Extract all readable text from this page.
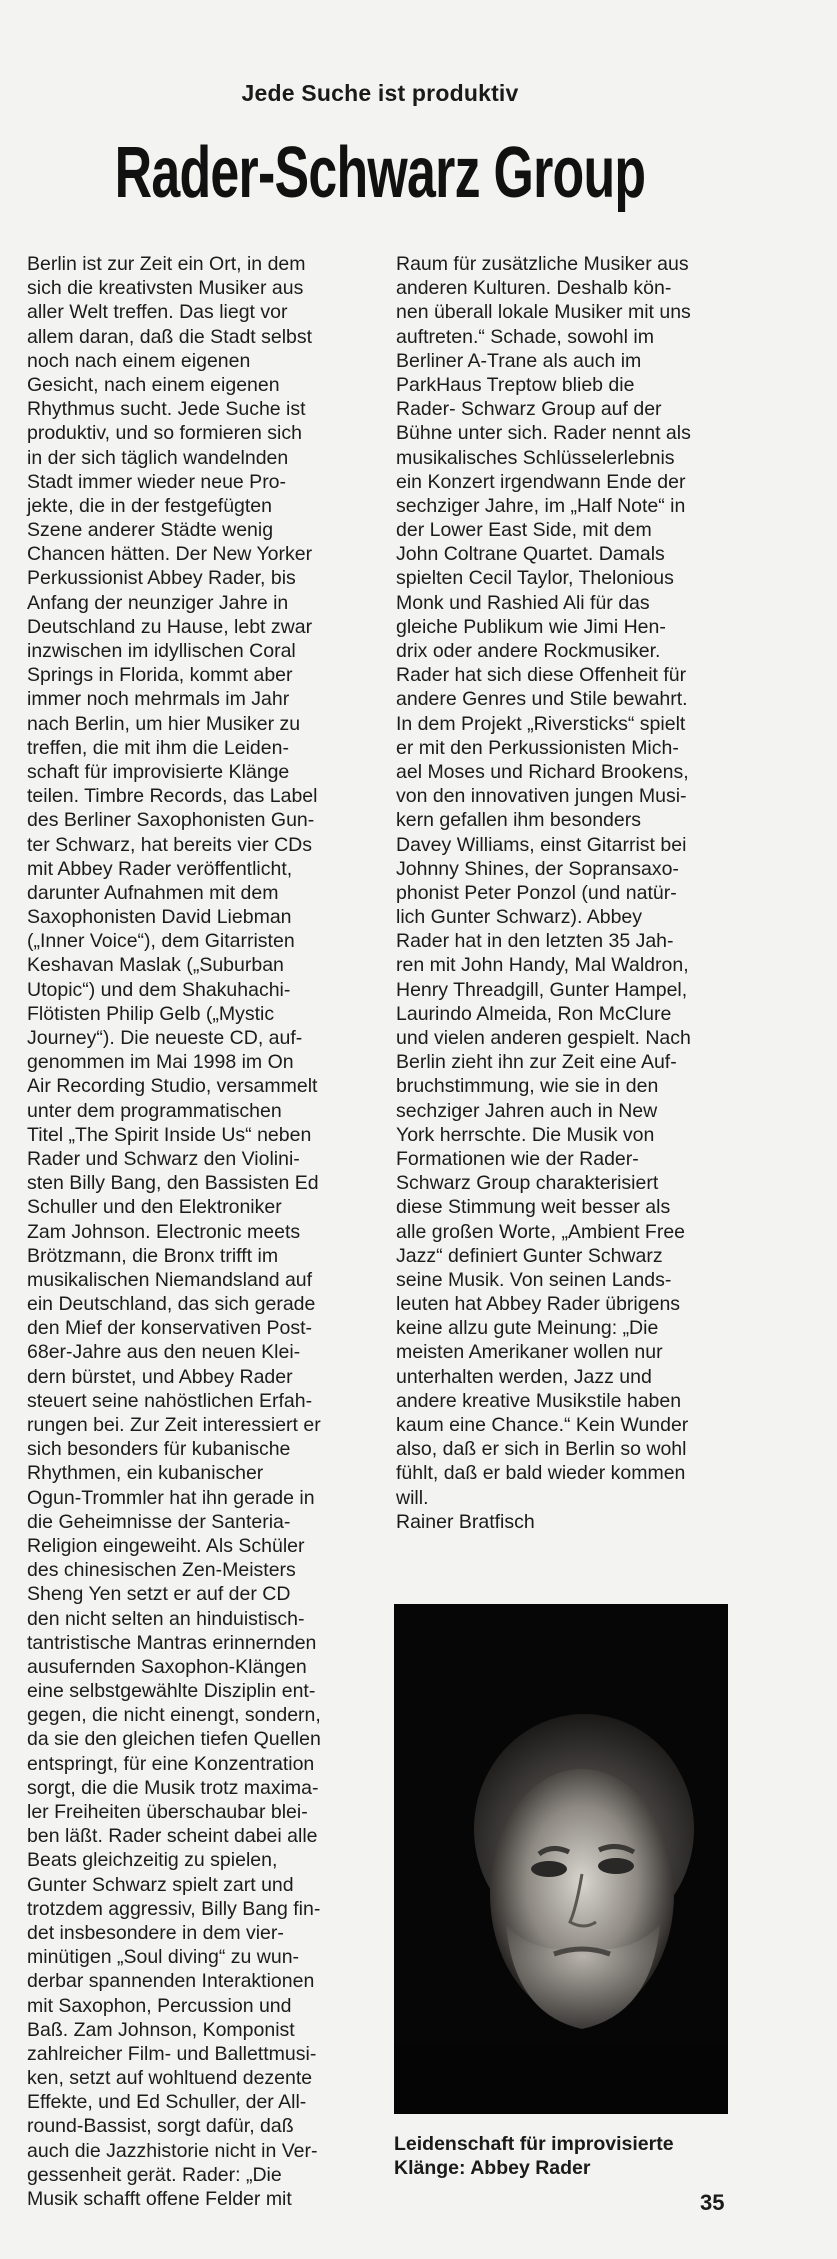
Jede Suche ist produktiv
Rader-Schwarz Group
Berlin ist zur Zeit ein Ort, in dem
sich die kreativsten Musiker aus
aller Welt treffen. Das liegt vor
allem daran, daß die Stadt selbst
noch nach einem eigenen
Gesicht, nach einem eigenen
Rhythmus sucht. Jede Suche ist
produktiv, und so formieren sich
in der sich täglich wandelnden
Stadt immer wieder neue Pro-
jekte, die in der festgefügten
Szene anderer Städte wenig
Chancen hätten. Der New Yorker
Perkussionist Abbey Rader, bis
Anfang der neunziger Jahre in
Deutschland zu Hause, lebt zwar
inzwischen im idyllischen Coral
Springs in Florida, kommt aber
immer noch mehrmals im Jahr
nach Berlin, um hier Musiker zu
treffen, die mit ihm die Leiden-
schaft für improvisierte Klänge
teilen. Timbre Records, das Label
des Berliner Saxophonisten Gun-
ter Schwarz, hat bereits vier CDs
mit Abbey Rader veröffentlicht,
darunter Aufnahmen mit dem
Saxophonisten David Liebman
(„Inner Voice“), dem Gitarristen
Keshavan Maslak („Suburban
Utopic“) und dem Shakuhachi-
Flötisten Philip Gelb („Mystic
Journey“). Die neueste CD, auf-
genommen im Mai 1998 im On
Air Recording Studio, versammelt
unter dem programmatischen
Titel „The Spirit Inside Us“ neben
Rader und Schwarz den Violini-
sten Billy Bang, den Bassisten Ed
Schuller und den Elektroniker
Zam Johnson. Electronic meets
Brötzmann, die Bronx trifft im
musikalischen Niemandsland auf
ein Deutschland, das sich gerade
den Mief der konservativen Post-
68er-Jahre aus den neuen Klei-
dern bürstet, und Abbey Rader
steuert seine nahöstlichen Erfah-
rungen bei. Zur Zeit interessiert er
sich besonders für kubanische
Rhythmen, ein kubanischer
Ogun-Trommler hat ihn gerade in
die Geheimnisse der Santeria-
Religion eingeweiht. Als Schüler
des chinesischen Zen-Meisters
Sheng Yen setzt er auf der CD
den nicht selten an hinduistisch-
tantristische Mantras erinnernden
ausufernden Saxophon-Klängen
eine selbstgewählte Disziplin ent-
gegen, die nicht einengt, sondern,
da sie den gleichen tiefen Quellen
entspringt, für eine Konzentration
sorgt, die die Musik trotz maxima-
ler Freiheiten überschaubar blei-
ben läßt. Rader scheint dabei alle
Beats gleichzeitig zu spielen,
Gunter Schwarz spielt zart und
trotzdem aggressiv, Billy Bang fin-
det insbesondere in dem vier-
minütigen „Soul diving“ zu wun-
derbar spannenden Interaktionen
mit Saxophon, Percussion und
Baß. Zam Johnson, Komponist
zahlreicher Film- und Ballettmusi-
ken, setzt auf wohltuend dezente
Effekte, und Ed Schuller, der All-
round-Bassist, sorgt dafür, daß
auch die Jazzhistorie nicht in Ver-
gessenheit gerät. Rader: „Die
Musik schafft offene Felder mit
Raum für zusätzliche Musiker aus
anderen Kulturen. Deshalb kön-
nen überall lokale Musiker mit uns
auftreten.“ Schade, sowohl im
Berliner A-Trane als auch im
ParkHaus Treptow blieb die
Rader- Schwarz Group auf der
Bühne unter sich. Rader nennt als
musikalisches Schlüsselerlebnis
ein Konzert irgendwann Ende der
sechziger Jahre, im „Half Note“ in
der Lower East Side, mit dem
John Coltrane Quartet. Damals
spielten Cecil Taylor, Thelonious
Monk und Rashied Ali für das
gleiche Publikum wie Jimi Hen-
drix oder andere Rockmusiker.
Rader hat sich diese Offenheit für
andere Genres und Stile bewahrt.
In dem Projekt „Riversticks“ spielt
er mit den Perkussionisten Mich-
ael Moses und Richard Brookens,
von den innovativen jungen Musi-
kern gefallen ihm besonders
Davey Williams, einst Gitarrist bei
Johnny Shines, der Sopransaxo-
phonist Peter Ponzol (und natür-
lich Gunter Schwarz). Abbey
Rader hat in den letzten 35 Jah-
ren mit John Handy, Mal Waldron,
Henry Threadgill, Gunter Hampel,
Laurindo Almeida, Ron McClure
und vielen anderen gespielt. Nach
Berlin zieht ihn zur Zeit eine Auf-
bruchstimmung, wie sie in den
sechziger Jahren auch in New
York herrschte. Die Musik von
Formationen wie der Rader-
Schwarz Group charakterisiert
diese Stimmung weit besser als
alle großen Worte, „Ambient Free
Jazz“ definiert Gunter Schwarz
seine Musik. Von seinen Lands-
leuten hat Abbey Rader übrigens
keine allzu gute Meinung: „Die
meisten Amerikaner wollen nur
unterhalten werden, Jazz und
andere kreative Musikstile haben
kaum eine Chance.“ Kein Wunder
also, daß er sich in Berlin so wohl
fühlt, daß er bald wieder kommen
will.
Rainer Bratfisch
Leidenschaft für improvisierte
Klänge: Abbey Rader
35
